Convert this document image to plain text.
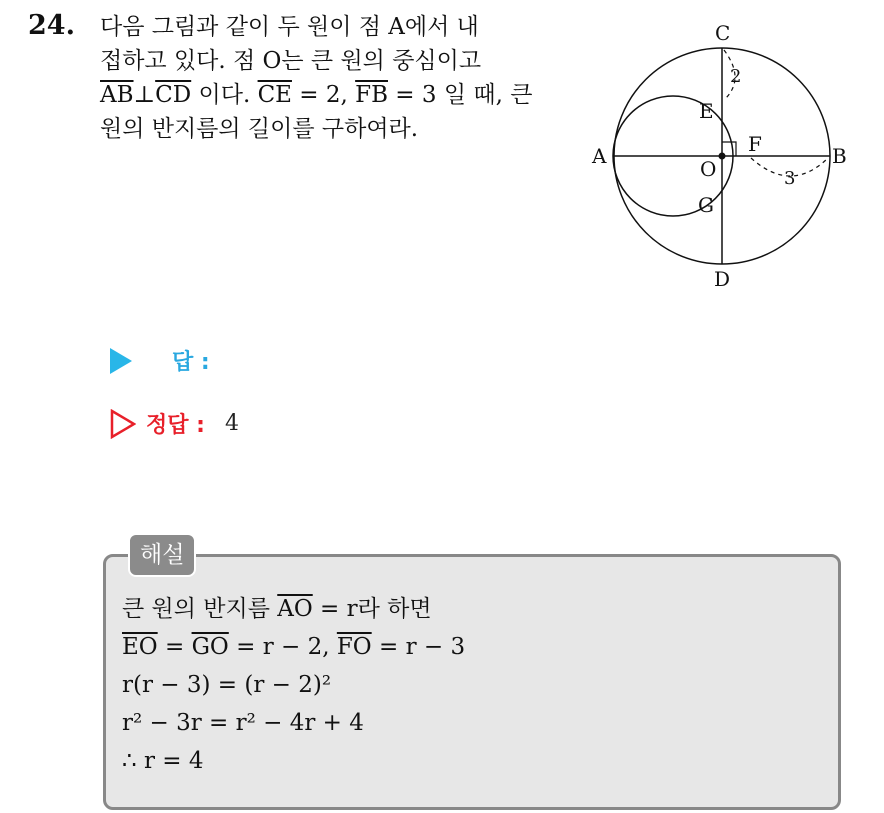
24. 다음 그림과 같이 두 원이 점 A에서 내
접하고 있다. 점 O는 큰 원의 중심이고
$\overline{AB}\perp\overline{CD}$ 이다. $\overline{CE} = 2$, $\overline{FB} = 3$ 일 때, 큰
원의 반지름의 길이를 구하여라.
C
D
A	B
E
F
G
O
2
3
답 :
정답 : 4
해설
큰 원의 반지름 $\overline{AO} = r$라 하면
$\overline{EO} = \overline{GO} = r - 2$, $\overline{FO} = r - 3$
r(r − 3) = (r − 2)²
r² − 3r = r² − 4r + 4
∴ r = 4
